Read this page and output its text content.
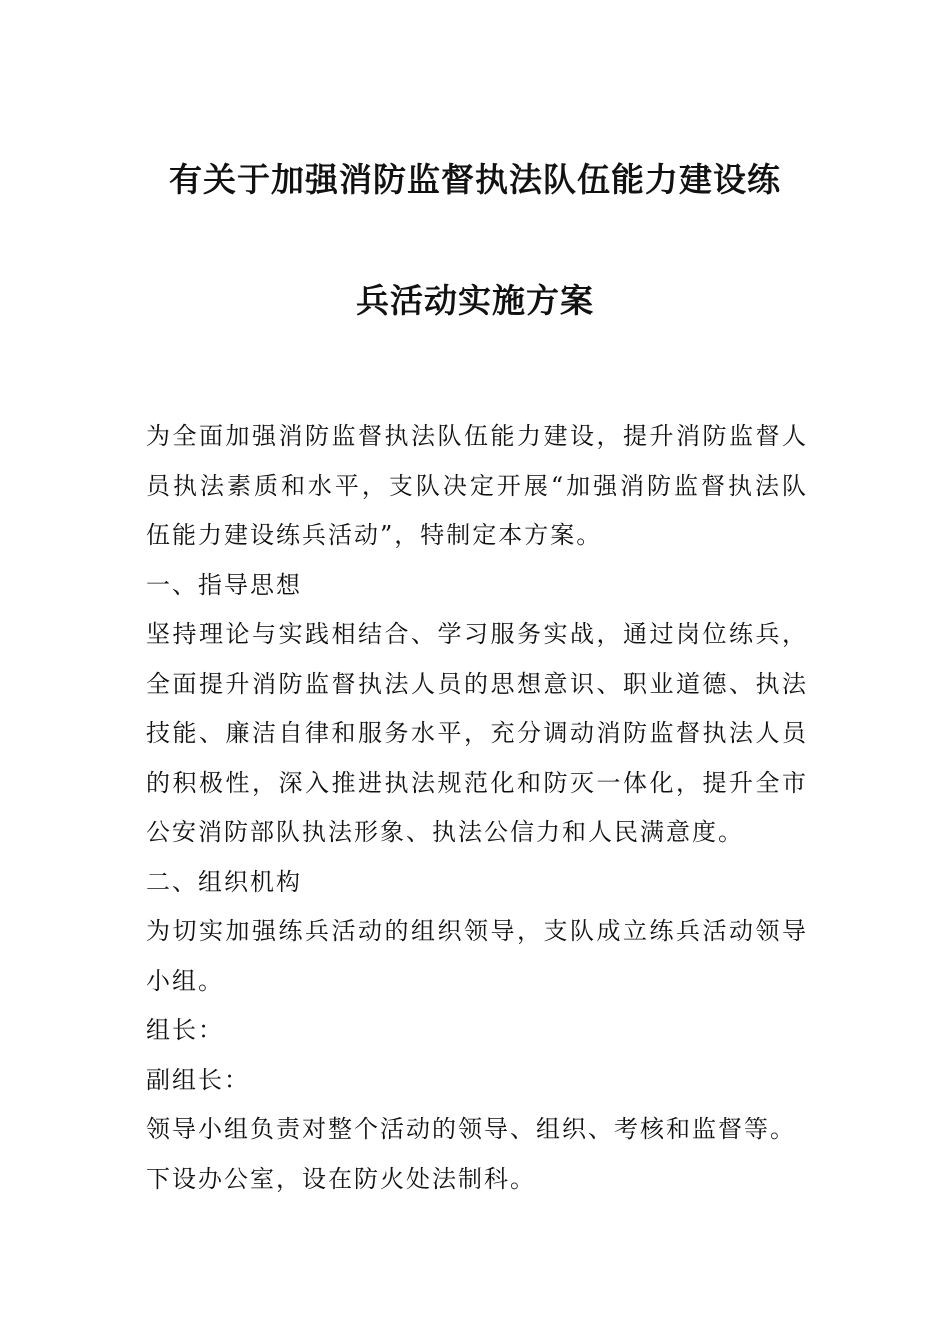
有关于加强消防监督执法队伍能力建设练
兵活动实施方案

为全面加强消防监督执法队伍能力建设，提升消防监督人员执法素质和水平，支队决定开展“加强消防监督执法队伍能力建设练兵活动”，特制定本方案。

一、指导思想

坚持理论与实践相结合、学习服务实战，通过岗位练兵，全面提升消防监督执法人员的思想意识、职业道德、执法技能、廉洁自律和服务水平，充分调动消防监督执法人员的积极性，深入推进执法规范化和防灭一体化，提升全市公安消防部队执法形象、执法公信力和人民满意度。

二、组织机构

为切实加强练兵活动的组织领导，支队成立练兵活动领导小组。

组长：

副组长：

领导小组负责对整个活动的领导、组织、考核和监督等。

下设办公室，设在防火处法制科。
